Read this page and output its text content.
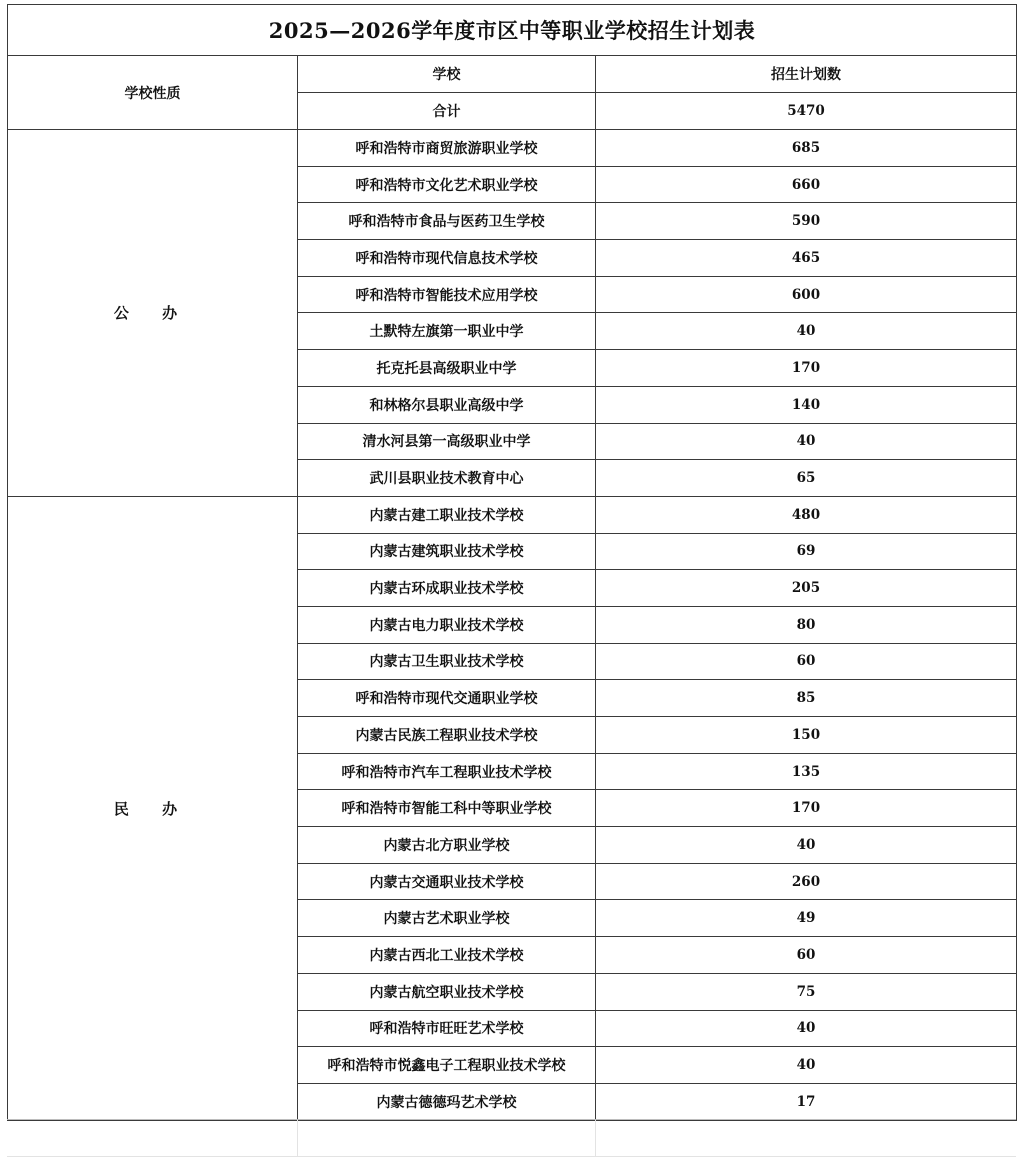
2025—2026学年度市区中等职业学校招生计划表		
学校性质	学校	招生计划数
	合计	5470
公 办	呼和浩特市商贸旅游职业学校	685
	呼和浩特市文化艺术职业学校	660
	呼和浩特市食品与医药卫生学校	590
	呼和浩特市现代信息技术学校	465
	呼和浩特市智能技术应用学校	600
	土默特左旗第一职业中学	40
	托克托县高级职业中学	170
	和林格尔县职业高级中学	140
	清水河县第一高级职业中学	40
	武川县职业技术教育中心	65
民 办	内蒙古建工职业技术学校	480
	内蒙古建筑职业技术学校	69
	内蒙古环成职业技术学校	205
	内蒙古电力职业技术学校	80
	内蒙古卫生职业技术学校	60
	呼和浩特市现代交通职业学校	85
	内蒙古民族工程职业技术学校	150
	呼和浩特市汽车工程职业技术学校	135
	呼和浩特市智能工科中等职业学校	170
	内蒙古北方职业学校	40
	内蒙古交通职业技术学校	260
	内蒙古艺术职业学校	49
	内蒙古西北工业技术学校	60
	内蒙古航空职业技术学校	75
	呼和浩特市旺旺艺术学校	40
	呼和浩特市悦鑫电子工程职业技术学校	40
	内蒙古德德玛艺术学校	17
